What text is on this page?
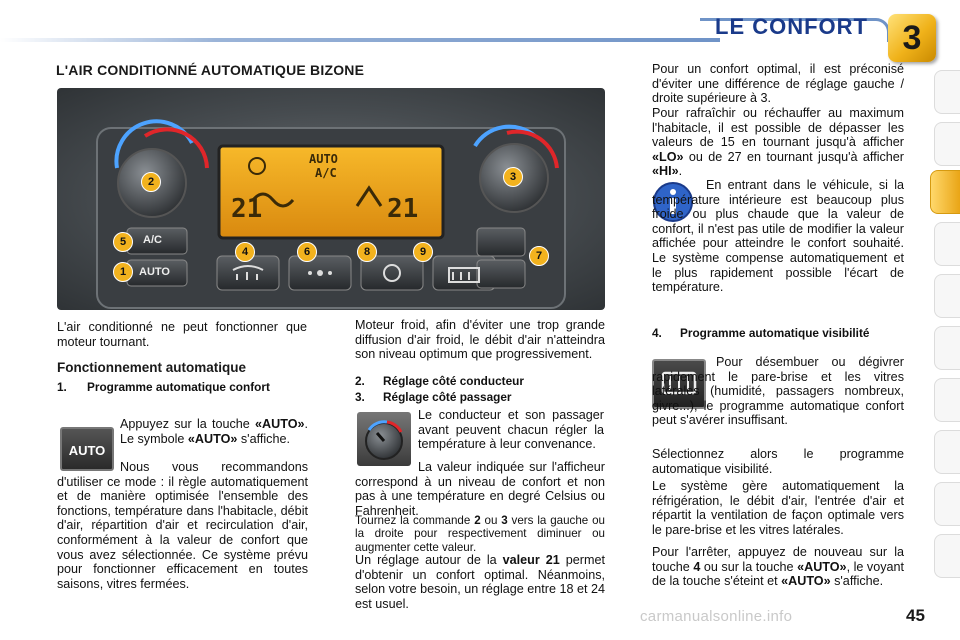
LE CONFORT	3
L'AIR CONDITIONNÉ AUTOMATIQUE BIZONE
AUTO
A/C
21	21
A/C
AUTO
2	3
5
1
4	6	8	9	7

L'air conditionné ne peut fonctionner que moteur tournant.

Fonctionnement automatique
1. Programme automatique confort
AUTO

Appuyez sur la touche «AUTO». Le symbole «AUTO» s'affiche.

Nous vous recommandons d'utiliser ce mode : il règle automatiquement et de manière optimisée l'ensemble des fonctions, température dans l'habitacle, débit d'air, répartition d'air et recirculation d'air, conformément à la valeur de confort que vous avez sélectionnée. Ce système prévu pour fonctionner efficacement en toutes saisons, vitres fermées.

Moteur froid, afin d'éviter une trop grande diffusion d'air froid, le débit d'air n'atteindra son niveau optimum que progressivement.

2. Réglage côté conducteur
3. Réglage côté passager

Le conducteur et son passager avant peuvent chacun régler la température à leur convenance.

La valeur indiquée sur l'afficheur correspond à un niveau de confort et non pas à une température en degré Celsius ou Fahrenheit.

Tournez la commande 2 ou 3 vers la gauche ou la droite pour respectivement diminuer ou augmenter cette valeur.

Un réglage autour de la valeur 21 permet d'obtenir un confort optimal. Néanmoins, selon votre besoin, un réglage entre 18 et 24 est usuel.

Pour un confort optimal, il est préconisé d'éviter une différence de réglage gauche / droite supérieure à 3.

Pour rafraîchir ou réchauffer au maximum l'habitacle, il est possible de dépasser les valeurs de 15 en tournant jusqu'à afficher «LO» ou de 27 en tournant jusqu'à afficher «HI».

En entrant dans le véhicule, si la température intérieure est beaucoup plus froide ou plus chaude que la valeur de confort, il n'est pas utile de modifier la valeur affichée pour atteindre le confort souhaité. Le système compense automatiquement et le plus rapidement possible l'écart de température.

4. Programme automatique visibilité

Pour désembuer ou dégivrer rapidement le pare-brise et les vitres latérales (humidité, passagers nombreux, givre...), le programme automatique confort peut s'avérer insuffisant.

Sélectionnez alors le programme automatique visibilité.

Le système gère automatiquement la réfrigération, le débit d'air, l'entrée d'air et répartit la ventilation de façon optimale vers le pare-brise et les vitres latérales.

Pour l'arrêter, appuyez de nouveau sur la touche 4 ou sur la touche «AUTO», le voyant de la touche s'éteint et «AUTO» s'affiche.

carmanualsonline.info	45
